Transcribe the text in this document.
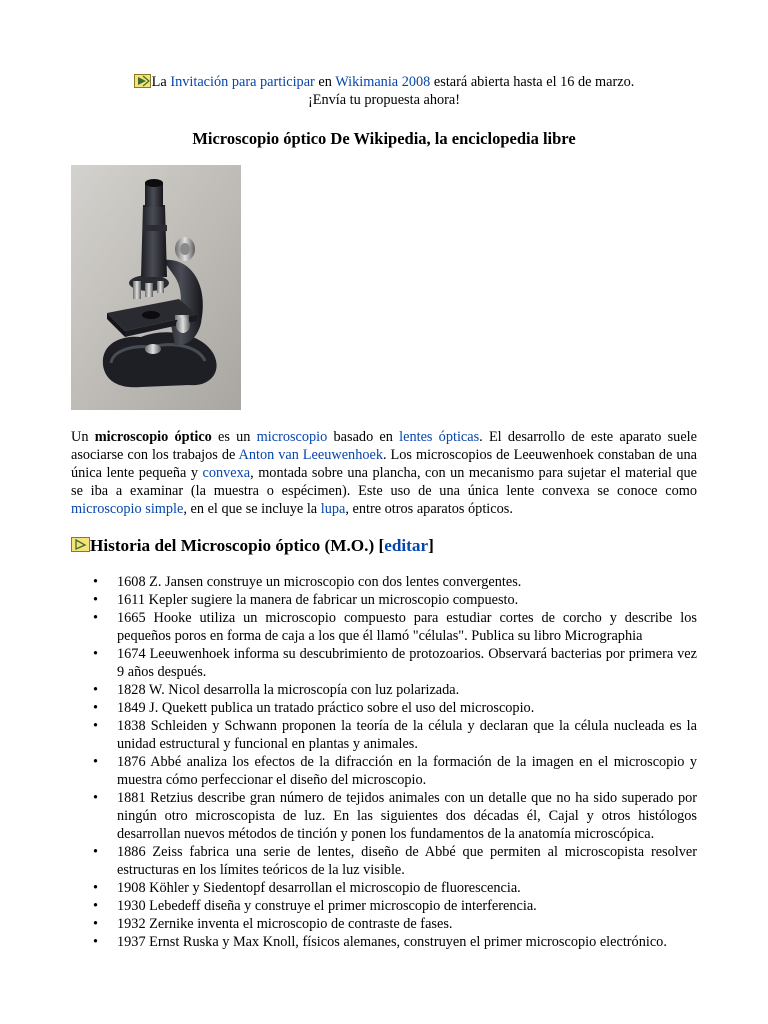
La Invitación para participar en Wikimania 2008 estará abierta hasta el 16 de marzo.
¡Envía tu propuesta ahora!
Microscopio óptico De Wikipedia, la enciclopedia libre

Un microscopio óptico es un microscopio basado en lentes ópticas. El desarrollo de este aparato suele asociarse con los trabajos de Anton van Leeuwenhoek. Los microscopios de Leeuwenhoek constaban de una única lente pequeña y convexa, montada sobre una plancha, con un mecanismo para sujetar el material que se iba a examinar (la muestra o espécimen). Este uso de una única lente convexa se conoce como microscopio simple, en el que se incluye la lupa, entre otros aparatos ópticos.

Historia del Microscopio óptico (M.O.) [editar]
• 1608 Z. Jansen construye un microscopio con dos lentes convergentes.
• 1611 Kepler sugiere la manera de fabricar un microscopio compuesto.
• 1665 Hooke utiliza un microscopio compuesto para estudiar cortes de corcho y describe los pequeños poros en forma de caja a los que él llamó "células". Publica su libro Micrographia
• 1674 Leeuwenhoek informa su descubrimiento de protozoarios. Observará bacterias por primera vez 9 años después.
• 1828 W. Nicol desarrolla la microscopía con luz polarizada.
• 1849 J. Quekett publica un tratado práctico sobre el uso del microscopio.
• 1838 Schleiden y Schwann proponen la teoría de la célula y declaran que la célula nucleada es la unidad estructural y funcional en plantas y animales.
• 1876 Abbé analiza los efectos de la difracción en la formación de la imagen en el microscopio y muestra cómo perfeccionar el diseño del microscopio.
• 1881 Retzius describe gran número de tejidos animales con un detalle que no ha sido superado por ningún otro microscopista de luz. En las siguientes dos décadas él, Cajal y otros histólogos desarrollan nuevos métodos de tinción y ponen los fundamentos de la anatomía microscópica.
• 1886 Zeiss fabrica una serie de lentes, diseño de Abbé que permiten al microscopista resolver estructuras en los límites teóricos de la luz visible.
• 1908 Köhler y Siedentopf desarrollan el microscopio de fluorescencia.
• 1930 Lebedeff diseña y construye el primer microscopio de interferencia.
• 1932 Zernike inventa el microscopio de contraste de fases.
• 1937 Ernst Ruska y Max Knoll, físicos alemanes, construyen el primer microscopio electrónico.
